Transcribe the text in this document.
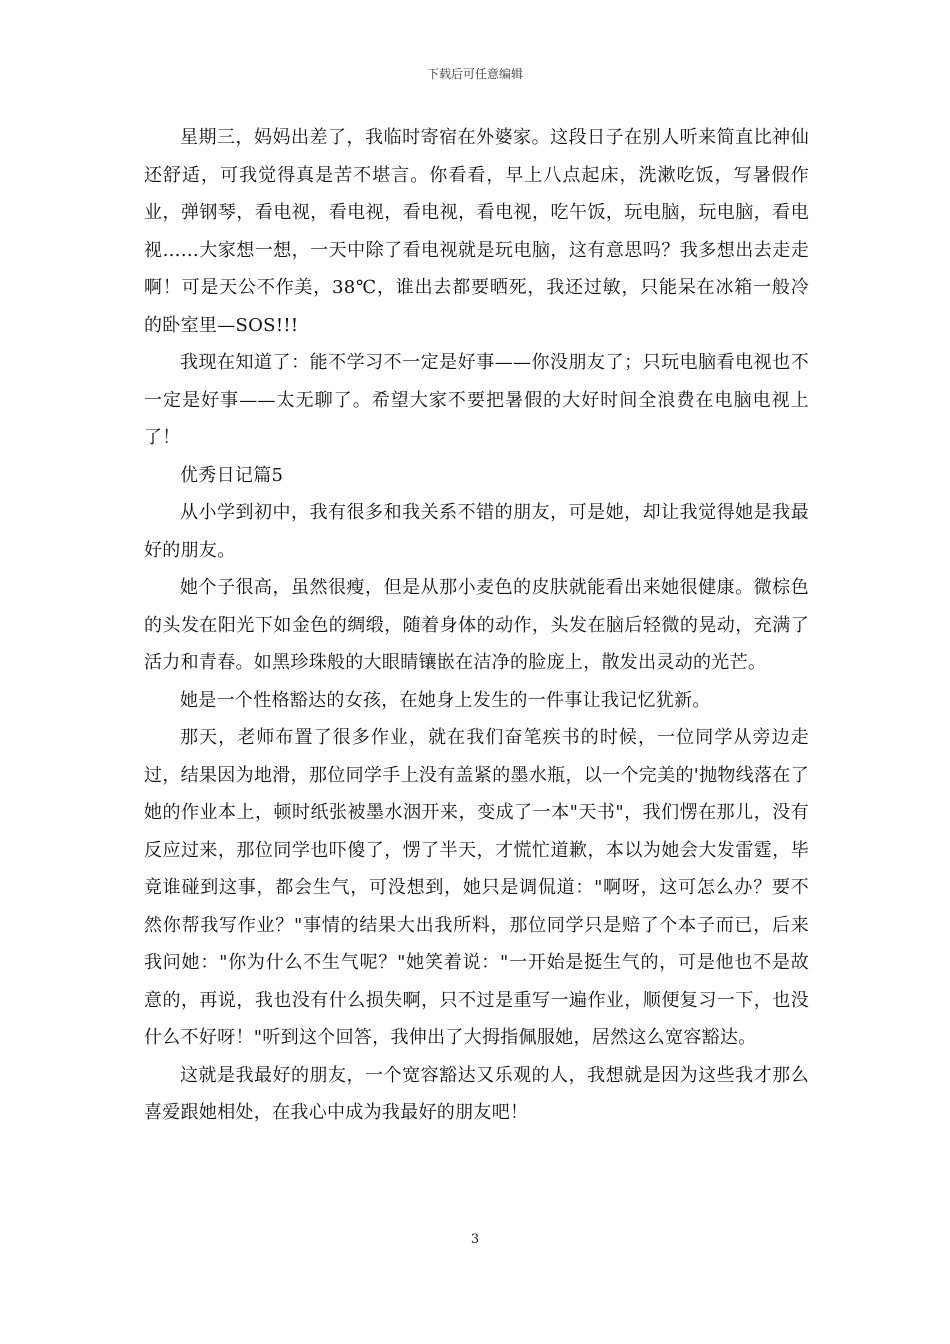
下载后可任意编辑

星期三，妈妈出差了，我临时寄宿在外婆家。这段日子在别人听来简直比神仙还舒适，可我觉得真是苦不堪言。你看看，早上八点起床，洗漱吃饭，写暑假作业，弹钢琴，看电视，看电视，看电视，看电视，吃午饭，玩电脑，玩电脑，看电视……大家想一想，一天中除了看电视就是玩电脑，这有意思吗？我多想出去走走啊！可是天公不作美，38℃，谁出去都要晒死，我还过敏，只能呆在冰箱一般冷的卧室里—SOS!!!

我现在知道了：能不学习不一定是好事——你没朋友了；只玩电脑看电视也不一定是好事——太无聊了。希望大家不要把暑假的大好时间全浪费在电脑电视上了！

优秀日记篇5

从小学到初中，我有很多和我关系不错的朋友，可是她，却让我觉得她是我最好的朋友。

她个子很高，虽然很瘦，但是从那小麦色的皮肤就能看出来她很健康。微棕色的头发在阳光下如金色的绸缎，随着身体的动作，头发在脑后轻微的晃动，充满了活力和青春。如黑珍珠般的大眼睛镶嵌在洁净的脸庞上，散发出灵动的光芒。

她是一个性格豁达的女孩，在她身上发生的一件事让我记忆犹新。

那天，老师布置了很多作业，就在我们奋笔疾书的时候，一位同学从旁边走过，结果因为地滑，那位同学手上没有盖紧的墨水瓶，以一个完美的'抛物线落在了她的作业本上，顿时纸张被墨水洇开来，变成了一本"天书"，我们愣在那儿，没有反应过来，那位同学也吓傻了，愣了半天，才慌忙道歉，本以为她会大发雷霆，毕竟谁碰到这事，都会生气，可没想到，她只是调侃道："啊呀，这可怎么办？要不然你帮我写作业？"事情的结果大出我所料，那位同学只是赔了个本子而已，后来我问她："你为什么不生气呢？"她笑着说："一开始是挺生气的，可是他也不是故意的，再说，我也没有什么损失啊，只不过是重写一遍作业，顺便复习一下，也没什么不好呀！"听到这个回答，我伸出了大拇指佩服她，居然这么宽容豁达。

这就是我最好的朋友，一个宽容豁达又乐观的人，我想就是因为这些我才那么喜爱跟她相处，在我心中成为我最好的朋友吧！

3
